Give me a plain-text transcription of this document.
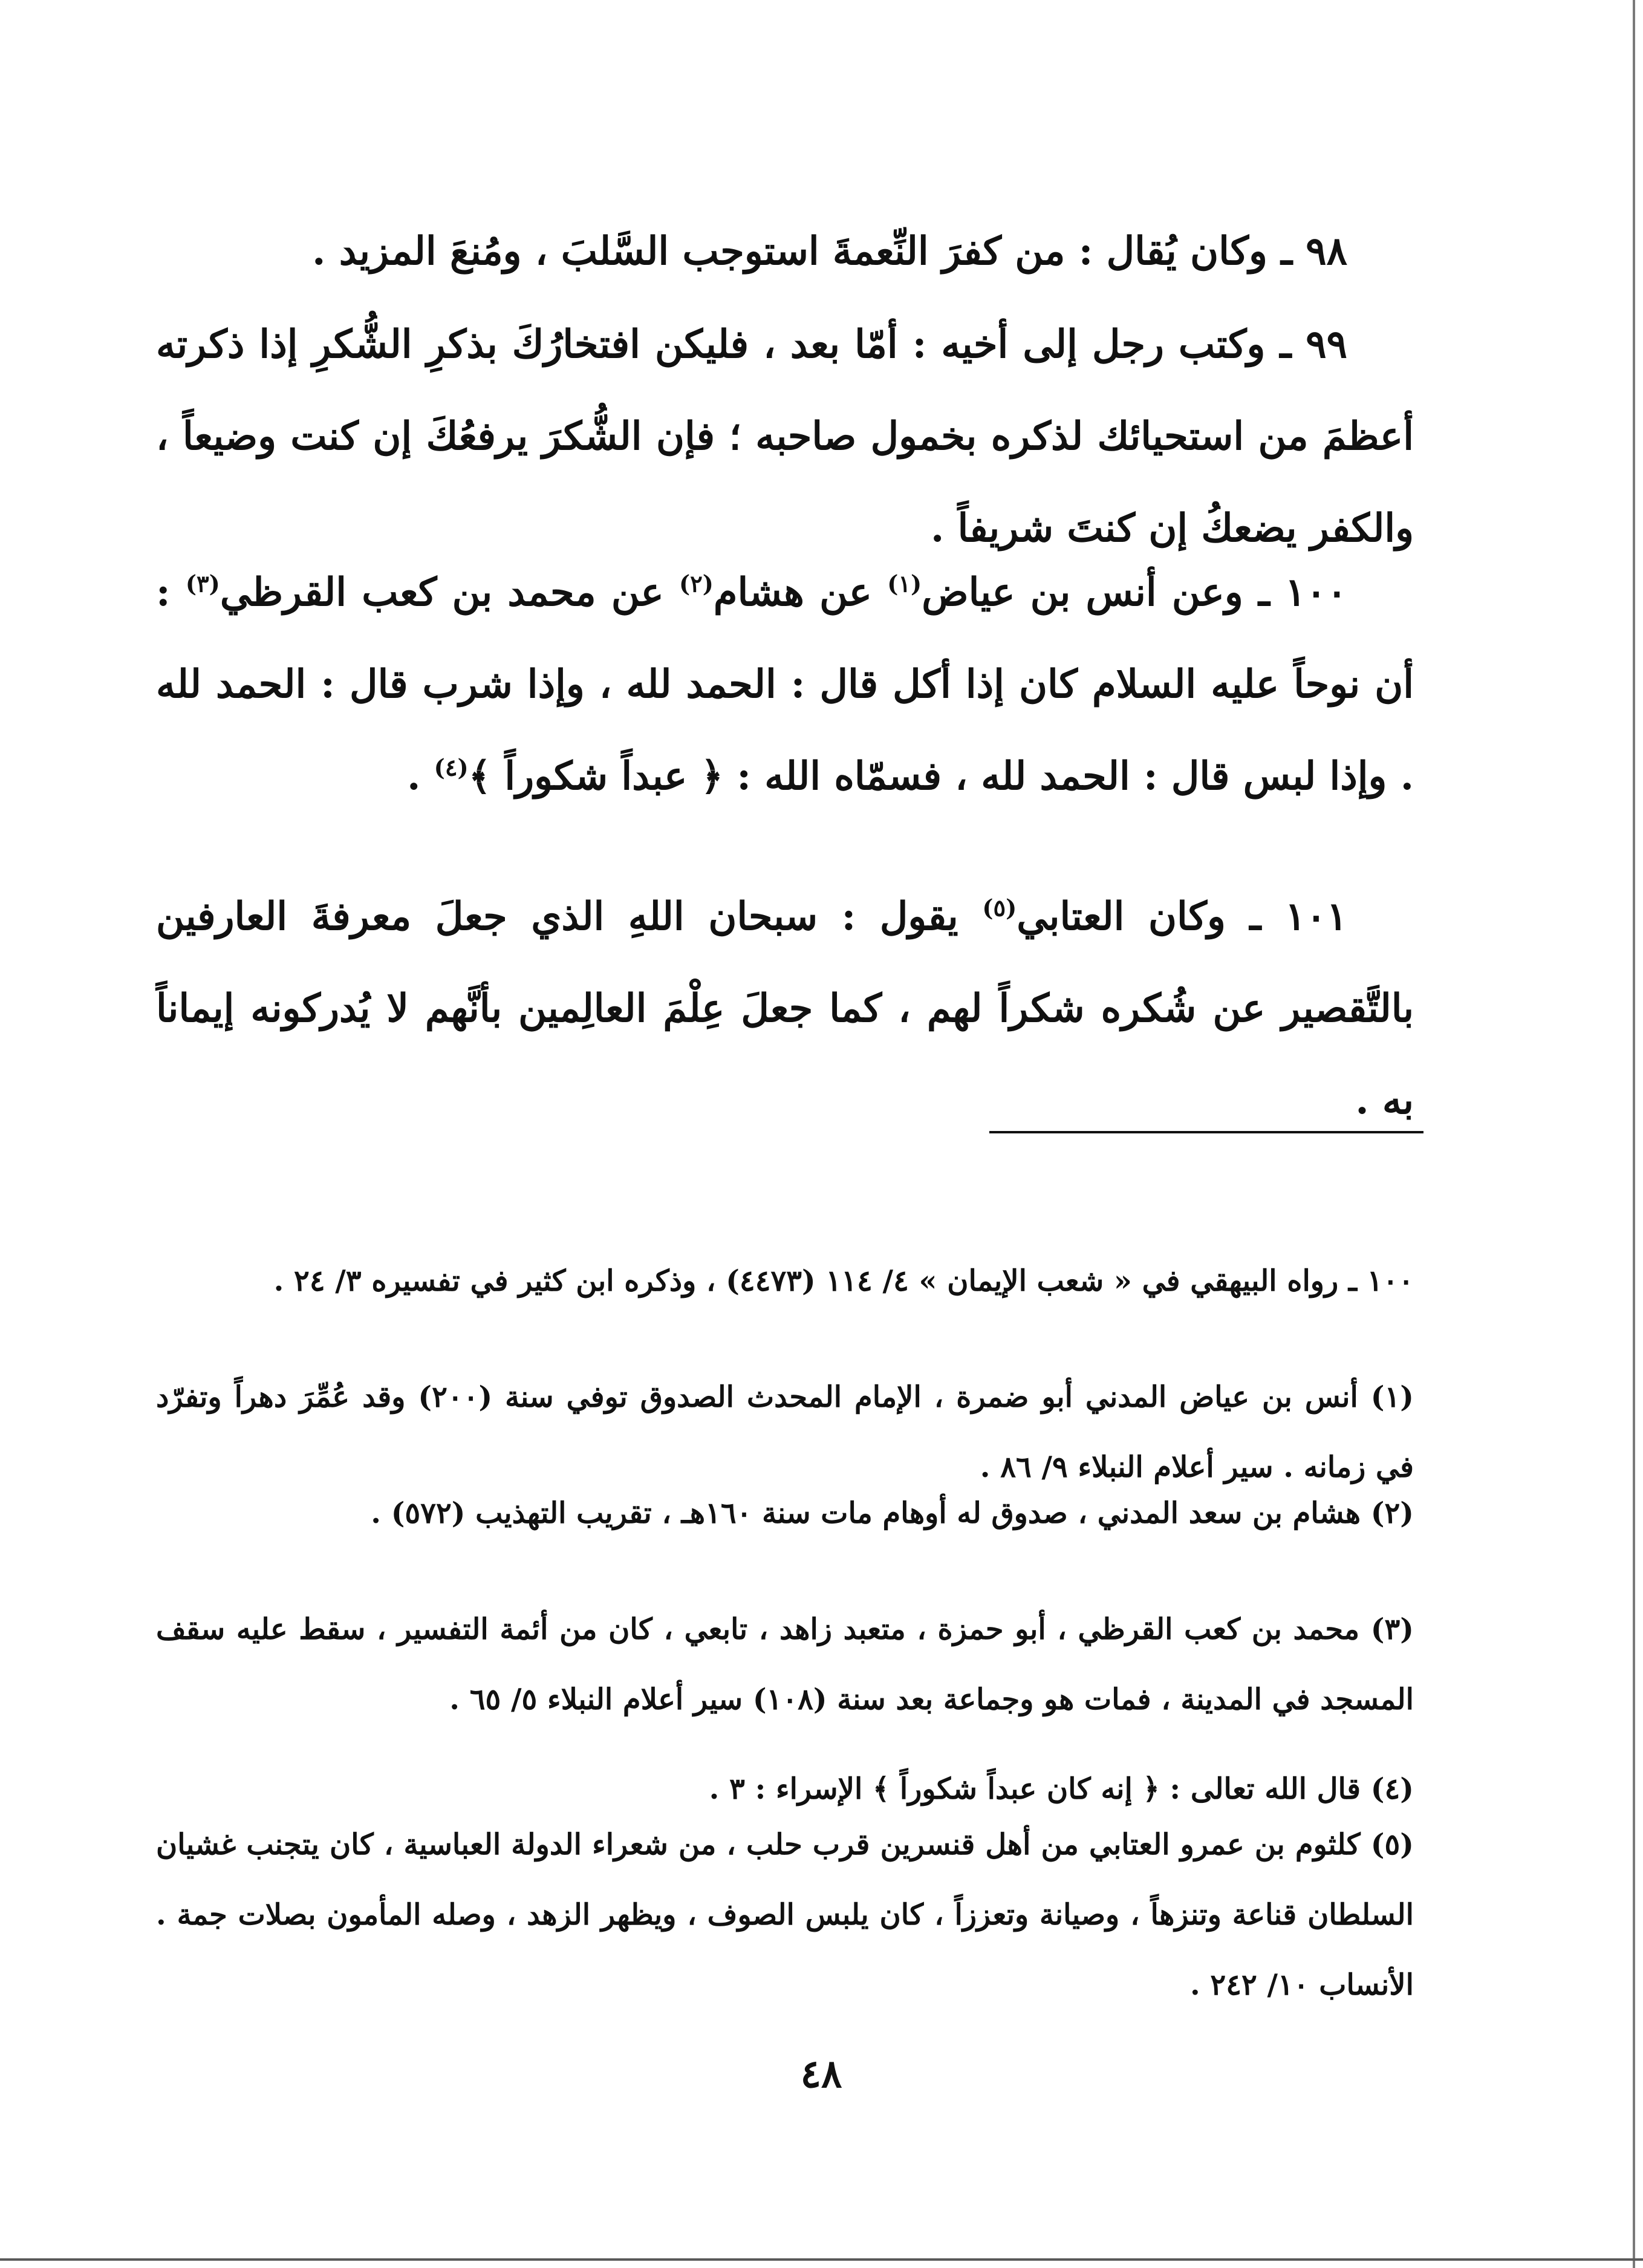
٩٨ ـ وكان يُقال : من كفرَ النِّعمةَ استوجب السَّلبَ ، ومُنعَ المزيد .

٩٩ ـ وكتب رجل إلى أخيه : أمّا بعد ، فليكن افتخارُكَ بذكرِ الشُّكرِ إذا ذكرته أعظمَ من استحيائك لذكره بخمول صاحبه ؛ فإن الشُّكرَ يرفعُكَ إن كنت وضيعاً ، والكفر يضعكُ إن كنتَ شريفاً .

١٠٠ ـ وعن أنس بن عياض$^{(١)}$ عن هشام$^{(٢)}$ عن محمد بن كعب القرظي$^{(٣)}$ : أن نوحاً عليه السلام كان إذا أكل قال : الحمد لله ، وإذا شرب قال : الحمد لله . وإذا لبس قال : الحمد لله ، فسمّاه الله : ﴿ عبداً شكوراً ﴾$^{(٤)}$ .

١٠١ ـ وكان العتابي$^{(٥)}$ يقول : سبحان اللهِ الذي جعلَ معرفةَ العارفين بالتَّقصير عن شُكره شكراً لهم ، كما جعلَ عِلْمَ العالِمين بأنَّهم لا يُدركونه إيماناً به .

١٠٠ ـ رواه البيهقي في « شعب الإيمان » ٤/ ١١٤ (٤٤٧٣) ، وذكره ابن كثير في تفسيره ٣/ ٢٤ .

(١) أنس بن عياض المدني أبو ضمرة ، الإمام المحدث الصدوق توفي سنة (٢٠٠) وقد عُمِّرَ دهراً وتفرّد في زمانه . سير أعلام النبلاء ٩/ ٨٦ .

(٢) هشام بن سعد المدني ، صدوق له أوهام مات سنة ١٦٠هـ ، تقريب التهذيب (٥٧٢) .

(٣) محمد بن كعب القرظي ، أبو حمزة ، متعبد زاهد ، تابعي ، كان من أئمة التفسير ، سقط عليه سقف المسجد في المدينة ، فمات هو وجماعة بعد سنة (١٠٨) سير أعلام النبلاء ٥/ ٦٥ .

(٤) قال الله تعالى : ﴿ إنه كان عبداً شكوراً ﴾ الإسراء : ٣ .

(٥) كلثوم بن عمرو العتابي من أهل قنسرين قرب حلب ، من شعراء الدولة العباسية ، كان يتجنب غشيان السلطان قناعة وتنزهاً ، وصيانة وتعززاً ، كان يلبس الصوف ، ويظهر الزهد ، وصله المأمون بصلات جمة . الأنساب ١٠/ ٢٤٢ .

٤٨
